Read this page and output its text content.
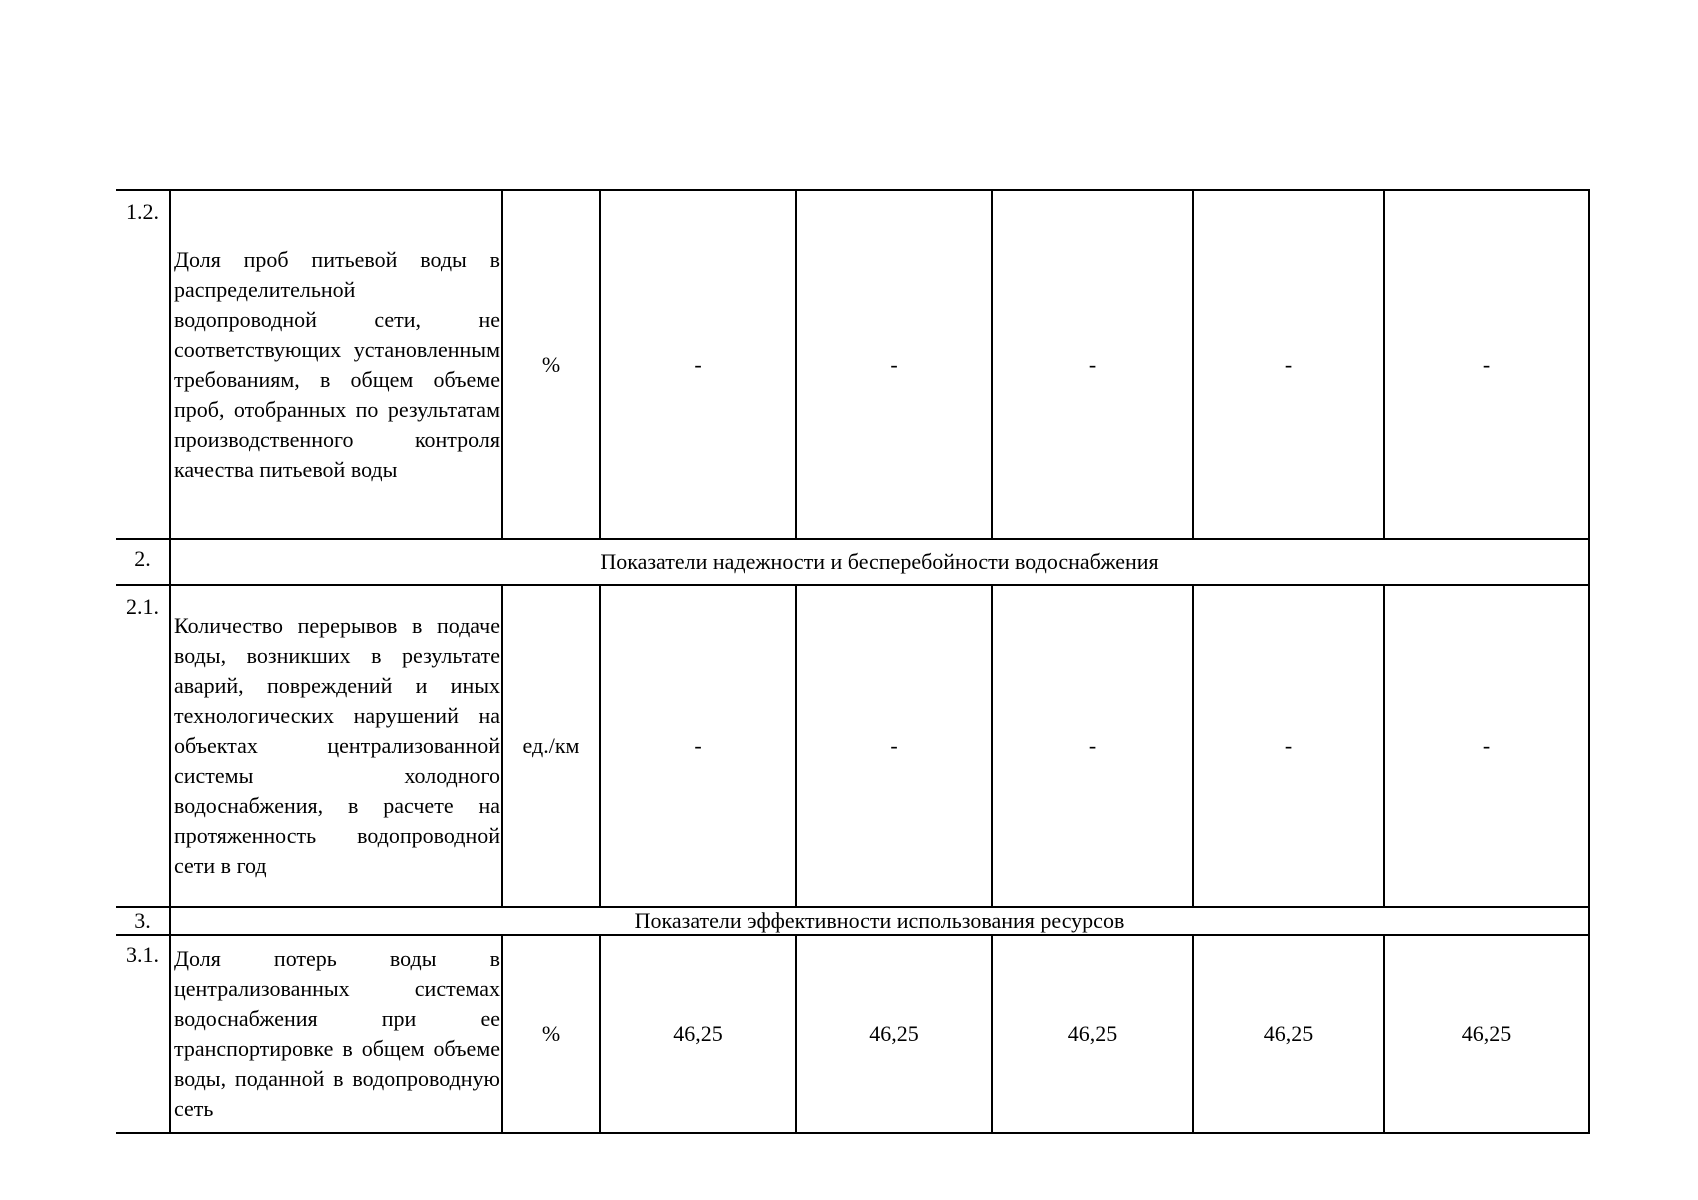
1.2.	Доля проб питьевой воды в распределительной водопроводной сети, не соответствующих установленным требованиям, в общем объеме проб, отобранных по результатам производственного контроля качества питьевой воды	%	-	-	-	-	-
2.	Показатели надежности и бесперебойности водоснабжения						
2.1.	Количество перерывов в подаче воды, возникших в результате аварий, повреждений и иных технологических нарушений на объектах централизованной системы холодного водоснабжения, в расчете на протяженность водопроводной сети в год	ед./км	-	-	-	-	-
3.	Показатели эффективности использования ресурсов						
3.1.	Доля потерь воды в централизованных системах водоснабжения при ее транспортировке в общем объеме воды, поданной в водопроводную сеть	%	46,25	46,25	46,25	46,25	46,25
